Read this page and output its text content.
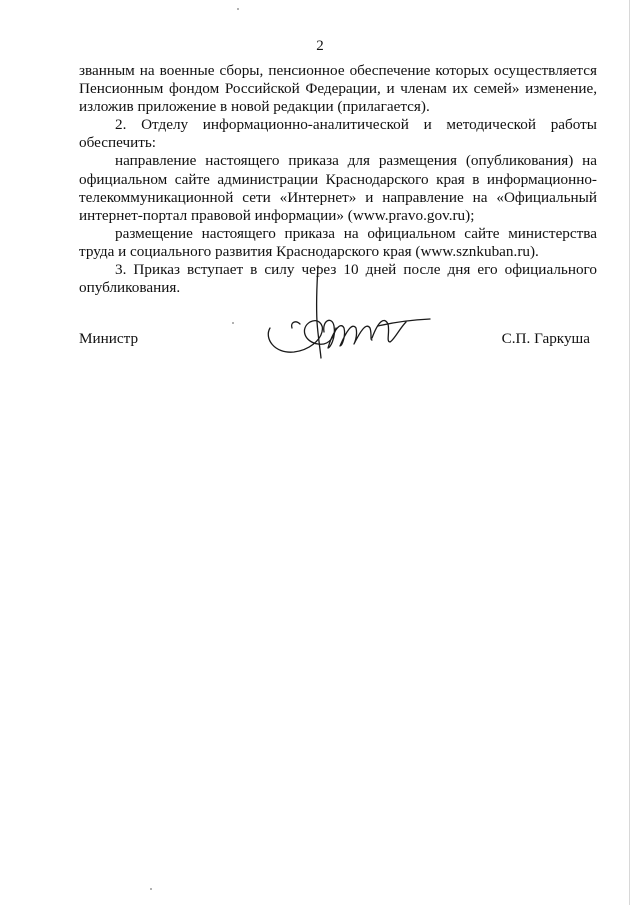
2

званным на военные сборы, пенсионное обеспечение которых осуществляется Пенсионным фондом Российской Федерации, и членам их семей» изменение, изложив приложение в новой редакции (прилагается).

2. Отделу информационно-аналитической и методической работы обеспечить:

направление настоящего приказа для размещения (опубликования) на официальном сайте администрации Краснодарского края в информационно-телекоммуникационной сети «Интернет» и направление на «Официальный интернет-портал правовой информации» (www.pravo.gov.ru);

размещение настоящего приказа на официальном сайте министерства труда и социального развития Краснодарского края (www.sznkuban.ru).

3. Приказ вступает в силу через 10 дней после дня его официального опубликования.

Министр	С.П. Гаркуша
